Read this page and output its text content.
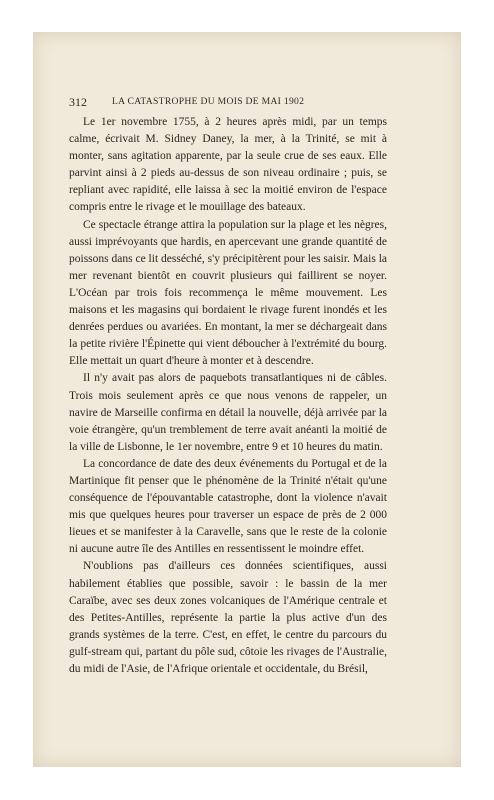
312	LA CATASTROPHE DU MOIS DE MAI 1902

Le 1er novembre 1755, à 2 heures après midi, par un temps calme, écrivait M. Sidney Daney, la mer, à la Trinité, se mit à monter, sans agitation apparente, par la seule crue de ses eaux. Elle parvint ainsi à 2 pieds au-dessus de son niveau ordinaire ; puis, se repliant avec rapidité, elle laissa à sec la moitié environ de l'espace compris entre le rivage et le mouillage des bateaux.

Ce spectacle étrange attira la population sur la plage et les nègres, aussi imprévoyants que hardis, en apercevant une grande quantité de poissons dans ce lit desséché, s'y précipitèrent pour les saisir. Mais la mer revenant bientôt en couvrit plusieurs qui faillirent se noyer. L'Océan par trois fois recommença le même mouvement. Les maisons et les magasins qui bordaient le rivage furent inondés et les denrées perdues ou avariées. En montant, la mer se déchargeait dans la petite rivière l'Épinette qui vient déboucher à l'extrémité du bourg. Elle mettait un quart d'heure à monter et à descendre.

Il n'y avait pas alors de paquebots transatlantiques ni de câbles. Trois mois seulement après ce que nous venons de rappeler, un navire de Marseille confirma en détail la nouvelle, déjà arrivée par la voie étrangère, qu'un tremblement de terre avait anéanti la moitié de la ville de Lisbonne, le 1er novembre, entre 9 et 10 heures du matin.

La concordance de date des deux événements du Portugal et de la Martinique fit penser que le phénomène de la Trinité n'était qu'une conséquence de l'épouvantable catastrophe, dont la violence n'avait mis que quelques heures pour traverser un espace de près de 2 000 lieues et se manifester à la Caravelle, sans que le reste de la colonie ni aucune autre île des Antilles en ressentissent le moindre effet.

N'oublions pas d'ailleurs ces données scientifiques, aussi habilement établies que possible, savoir : le bassin de la mer Caraïbe, avec ses deux zones volcaniques de l'Amérique centrale et des Petites-Antilles, représente la partie la plus active d'un des grands systèmes de la terre. C'est, en effet, le centre du parcours du gulf-stream qui, partant du pôle sud, côtoie les rivages de l'Australie, du midi de l'Asie, de l'Afrique orientale et occidentale, du Brésil,
